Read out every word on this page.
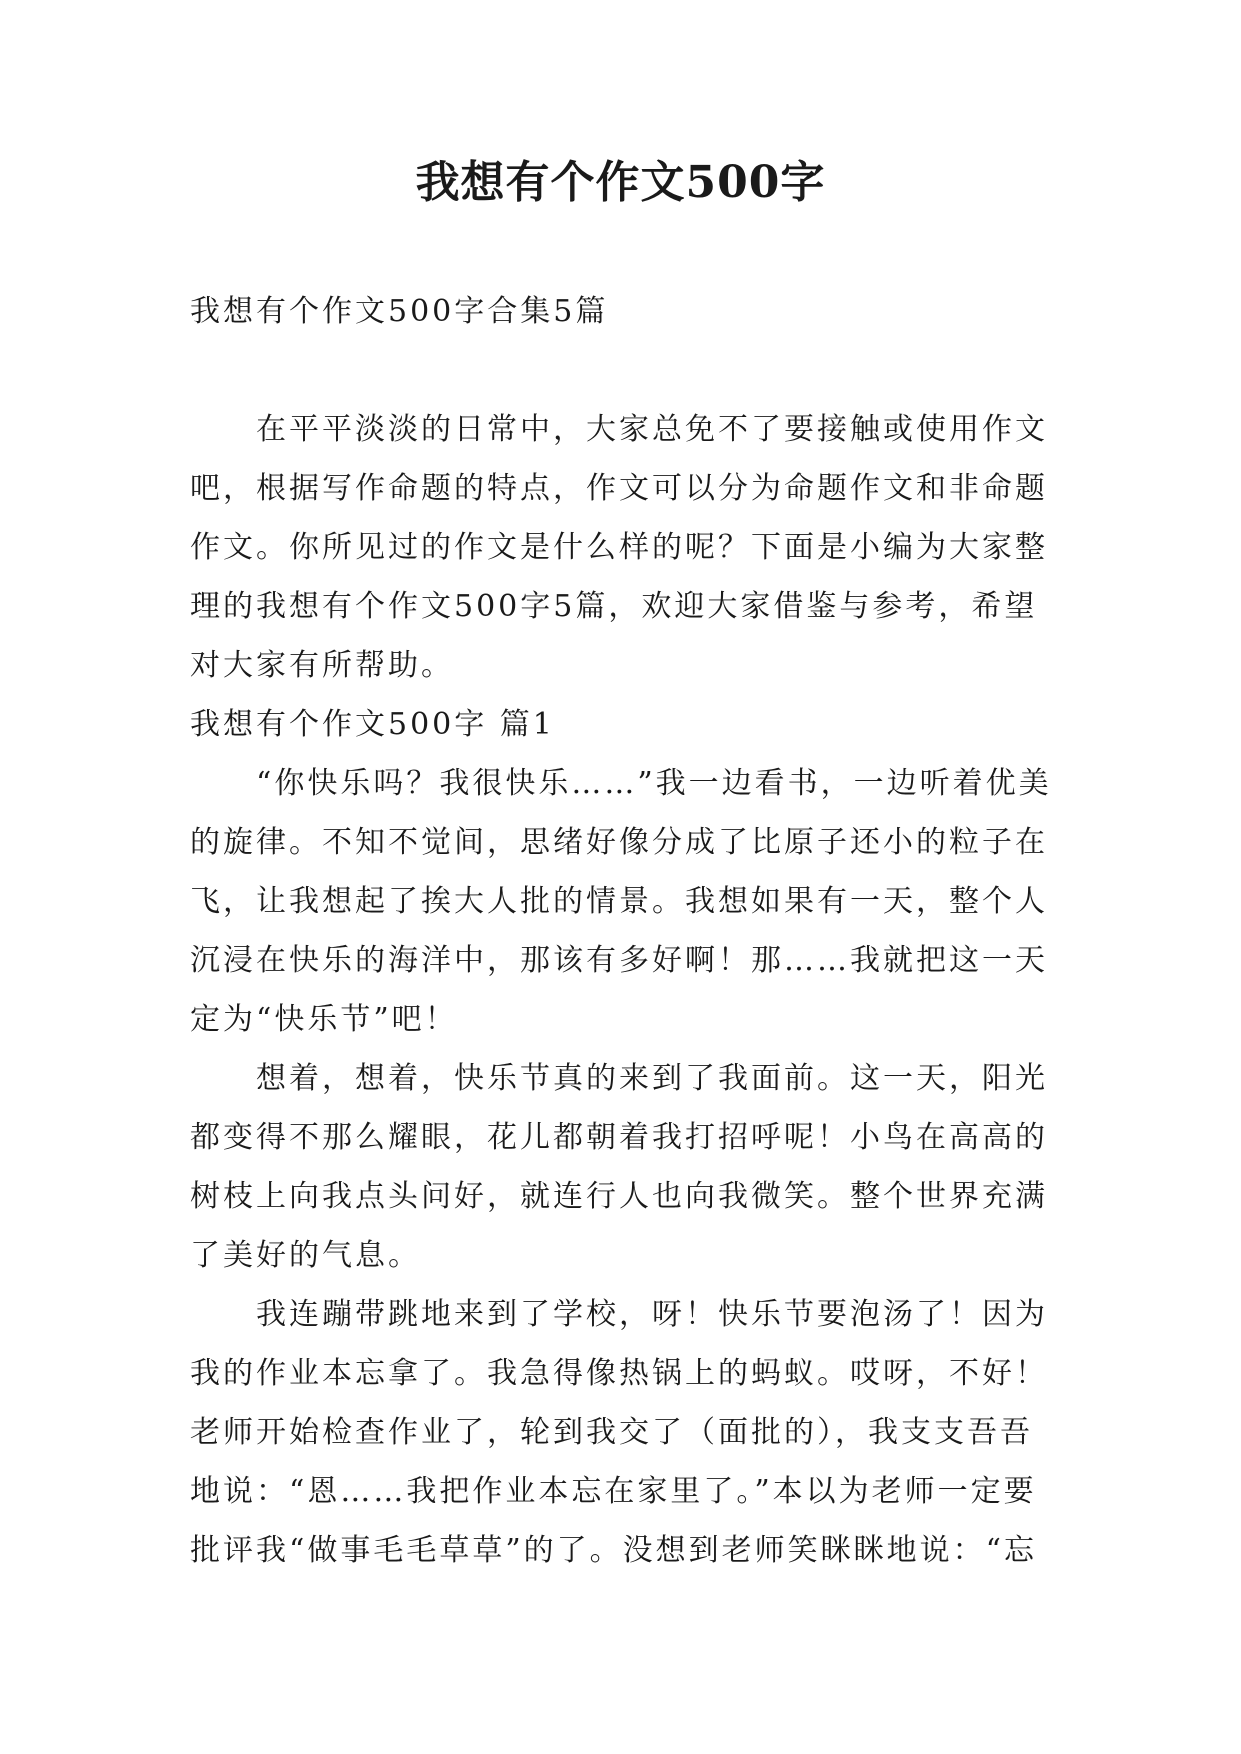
我想有个作文500字

我想有个作文500字合集5篇

在平平淡淡的日常中，大家总免不了要接触或使用作文吧，根据写作命题的特点，作文可以分为命题作文和非命题作文。你所见过的作文是什么样的呢？下面是小编为大家整理的我想有个作文500字5篇，欢迎大家借鉴与参考，希望对大家有所帮助。

我想有个作文500字 篇1

“你快乐吗？我很快乐……”我一边看书，一边听着优美的旋律。不知不觉间，思绪好像分成了比原子还小的粒子在飞，让我想起了挨大人批的情景。我想如果有一天，整个人沉浸在快乐的海洋中，那该有多好啊！那……我就把这一天定为“快乐节”吧！

想着，想着，快乐节真的来到了我面前。这一天，阳光都变得不那么耀眼，花儿都朝着我打招呼呢！小鸟在高高的树枝上向我点头问好，就连行人也向我微笑。整个世界充满了美好的气息。

我连蹦带跳地来到了学校，呀！快乐节要泡汤了！因为我的作业本忘拿了。我急得像热锅上的蚂蚁。哎呀，不好！老师开始检查作业了，轮到我交了（面批的），我支支吾吾地说：“恩……我把作业本忘在家里了。”本以为老师一定要批评我“做事毛毛草草”的了。没想到老师笑眯眯地说：“忘
